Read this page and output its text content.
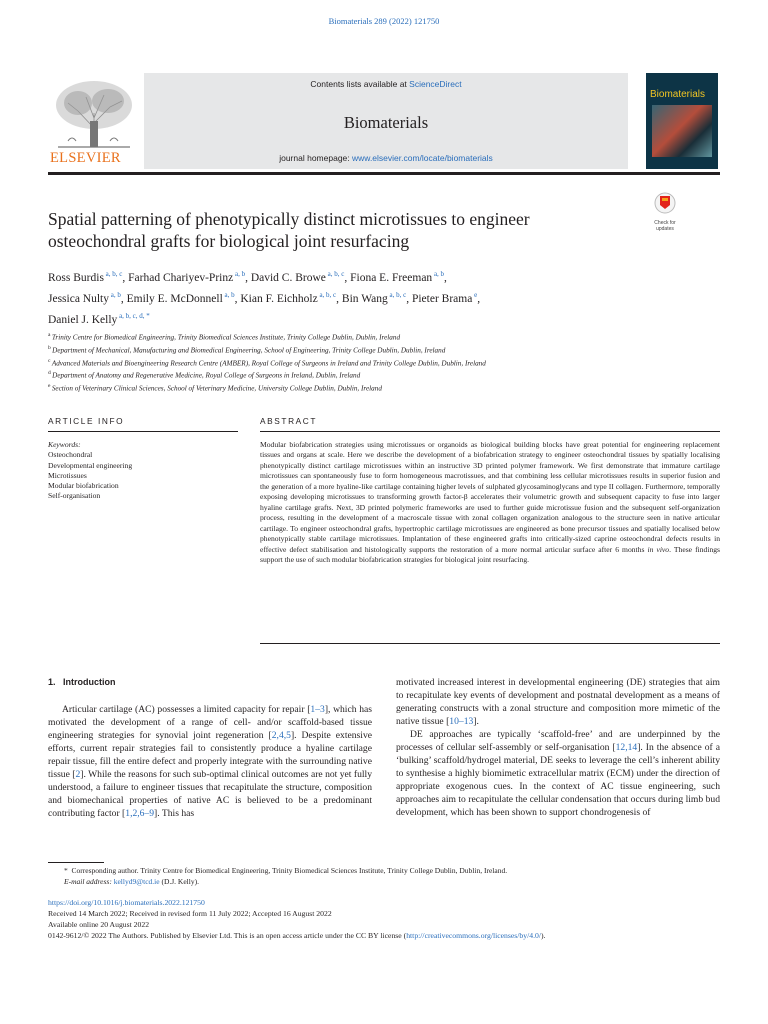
Biomaterials 289 (2022) 121750
ELSEVIER
Contents lists available at ScienceDirect
Biomaterials
journal homepage: www.elsevier.com/locate/biomaterials
Biomaterials
Check for updates
Spatial patterning of phenotypically distinct microtissues to engineer osteochondral grafts for biological joint resurfacing
Ross Burdis $^{a, b, c}$, Farhad Chariyev-Prinz $^{a, b}$, David C. Browe $^{a, b, c}$, Fiona E. Freeman $^{a, b}$,
Jessica Nulty $^{a, b}$, Emily E. McDonnell $^{a, b}$, Kian F. Eichholz $^{a, b, c}$, Bin Wang $^{a, b, c}$, Pieter Brama $^e$,
Daniel J. Kelly $^{a, b, c, d, *}$
$^a$ Trinity Centre for Biomedical Engineering, Trinity Biomedical Sciences Institute, Trinity College Dublin, Dublin, Ireland
$^b$ Department of Mechanical, Manufacturing and Biomedical Engineering, School of Engineering, Trinity College Dublin, Dublin, Ireland
$^c$ Advanced Materials and Bioengineering Research Centre (AMBER), Royal College of Surgeons in Ireland and Trinity College Dublin, Dublin, Ireland
$^d$ Department of Anatomy and Regenerative Medicine, Royal College of Surgeons in Ireland, Dublin, Ireland
$^e$ Section of Veterinary Clinical Sciences, School of Veterinary Medicine, University College Dublin, Dublin, Ireland
ARTICLE INFO	ABSTRACT
Keywords:
Osteochondral
Developmental engineering
Microtissues
Modular biofabrication
Self-organisation
Modular biofabrication strategies using microtissues or organoids as biological building blocks have great potential for engineering replacement tissues and organs at scale. Here we describe the development of a biofabrication strategy to engineer osteochondral tissues by spatially localising phenotypically distinct cartilage microtissues within an instructive 3D printed polymer framework. We first demonstrate that immature cartilage microtissues can spontaneously fuse to form homogeneous macrotissues, and that combining less cellular microtissues results in superior fusion and the generation of a more hyaline-like cartilage containing higher levels of sulphated glycosaminoglycans and type II collagen. Furthermore, temporally exposing developing microtissues to transforming growth factor-β accelerates their volumetric growth and subsequent capacity to fuse into larger hyaline cartilage grafts. Next, 3D printed polymeric frameworks are used to further guide microtissue fusion and the subsequent self-organization process, resulting in the development of a macroscale tissue with zonal collagen organization analogous to the structure seen in native articular cartilage. To engineer osteochondral grafts, hypertrophic cartilage microtissues are engineered as bone precursor tissues and spatially localised below phenotypically stable cartilage microtissues. Implantation of these engineered grafts into critically-sized caprine osteochondral defects results in effective defect stabilisation and histologically supports the restoration of a more normal articular surface after 6 months in vivo. These findings support the use of such modular biofabrication strategies for biological joint resurfacing.
1. Introduction

Articular cartilage (AC) possesses a limited capacity for repair [1–3], which has motivated the development of a range of cell- and/or scaffold-based tissue engineering strategies for synovial joint regeneration [2,4,5]. Despite extensive efforts, current repair strategies fail to consistently produce a hyaline cartilage repair tissue, fill the entire defect and properly integrate with the surrounding native tissue [2]. While the reasons for such sub-optimal clinical outcomes are not yet fully understood, a failure to engineer tissues that recapitulate the structure, composition and biomechanical properties of native AC is believed to be a predominant contributing factor [1,2,6–9]. This has

motivated increased interest in developmental engineering (DE) strategies that aim to recapitulate key events of development and postnatal development as a means of generating constructs with a zonal structure and composition more mimetic of the native tissue [10–13].

DE approaches are typically ‘scaffold-free’ and are underpinned by the processes of cellular self-assembly or self-organisation [12,14]. In the absence of a ‘bulking’ scaffold/hydrogel material, DE seeks to leverage the cell’s inherent ability to synthesise a highly biomimetic extracellular matrix (ECM) under the direction of appropriate exogenous cues. In the context of AC tissue engineering, such approaches aim to recapitulate the cellular condensation that occurs during limb bud development, which has been shown to support chondrogenesis of

*  Corresponding author. Trinity Centre for Biomedical Engineering, Trinity Biomedical Sciences Institute, Trinity College Dublin, Dublin, Ireland.
E-mail address: kellyd9@tcd.ie (D.J. Kelly).
https://doi.org/10.1016/j.biomaterials.2022.121750
Received 14 March 2022; Received in revised form 11 July 2022; Accepted 16 August 2022
Available online 20 August 2022
0142-9612/© 2022 The Authors. Published by Elsevier Ltd. This is an open access article under the CC BY license (http://creativecommons.org/licenses/by/4.0/).
